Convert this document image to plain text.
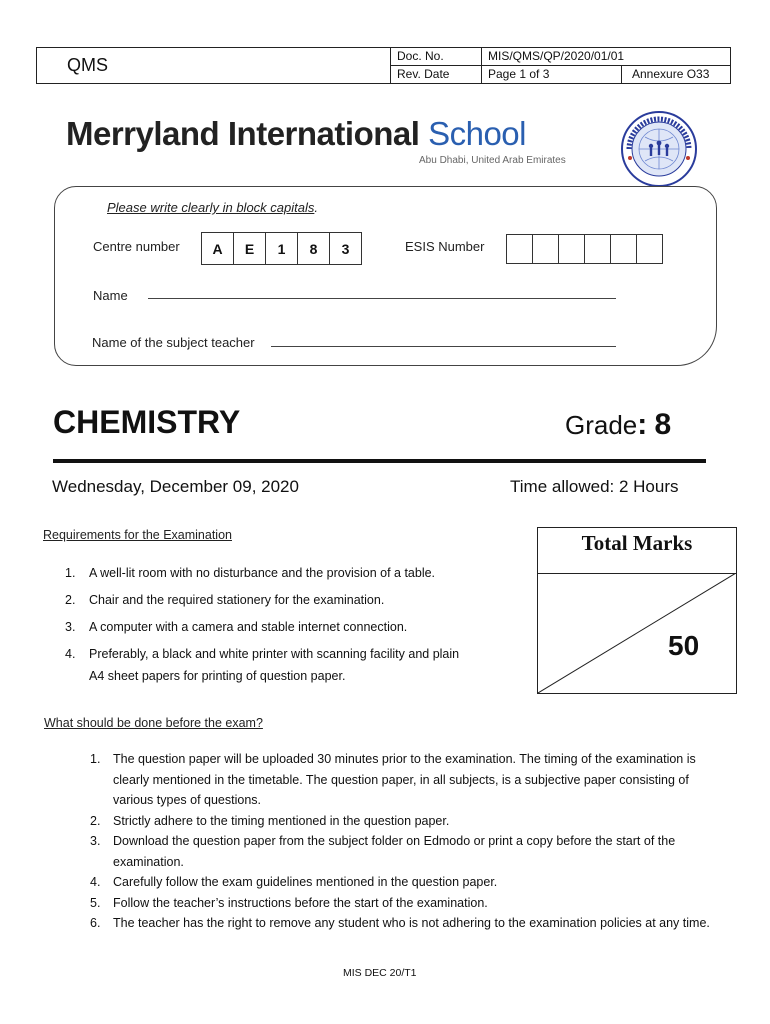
QMS	Doc. No.	MIS/QMS/QP/2020/01/01
Rev. Date	Page 1 of 3	Annexure O33
Merryland International School
Abu Dhabi, United Arab Emirates
Please write clearly in block capitals.
Centre number	A	E	1	8	3	ESIS Number
Name
Name of the subject teacher
CHEMISTRY	Grade: 8
Wednesday, December 09, 2020	Time allowed: 2 Hours
Total Marks
50
Requirements for the Examination
1. A well-lit room with no disturbance and the provision of a table.
2. Chair and the required stationery for the examination.
3. A computer with a camera and stable internet connection.
4. Preferably, a black and white printer with scanning facility and plain
A4 sheet papers for printing of question paper.
What should be done before the exam?
1. The question paper will be uploaded 30 minutes prior to the examination. The timing of the examination is clearly mentioned in the timetable. The question paper, in all subjects, is a subjective paper consisting of various types of questions.
2. Strictly adhere to the timing mentioned in the question paper.
3. Download the question paper from the subject folder on Edmodo or print a copy before the start of the examination.
4. Carefully follow the exam guidelines mentioned in the question paper.
5. Follow the teacher’s instructions before the start of the examination.
6. The teacher has the right to remove any student who is not adhering to the examination policies at any time.
MIS DEC 20/T1
